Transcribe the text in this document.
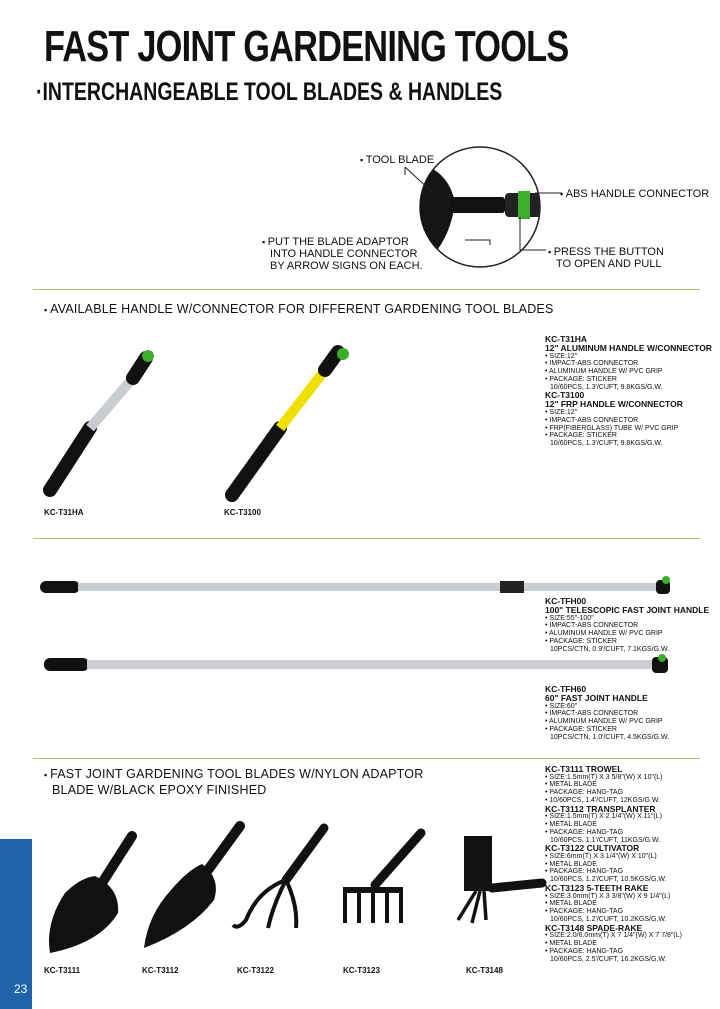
FAST JOINT GARDENING TOOLS
·INTERCHANGEABLE TOOL BLADES & HANDLES
▪ TOOL BLADE
▪ ABS HANDLE CONNECTOR
▪ PUT THE BLADE ADAPTOR
INTO HANDLE CONNECTOR
BY ARROW SIGNS ON EACH.
▪ PRESS THE BUTTON
TO OPEN AND PULL
▪ AVAILABLE HANDLE W/CONNECTOR FOR DIFFERENT GARDENING TOOL BLADES
KC-T31HA	KC-T3100
KC-T31HA
12" ALUMINUM HANDLE W/CONNECTOR
• SIZE:12"
• IMPACT-ABS CONNECTOR
• ALUMINUM HANDLE W/ PVC GRIP
• PACKAGE: STICKER
10/60PCS, 1.3'/CUFT, 9.8KGS/G.W.
KC-T3100
12" FRP HANDLE W/CONNECTOR
• SIZE:12"
• IMPACT-ABS CONNECTOR
• FRP(FIBERGLASS) TUBE W/ PVC GRIP
• PACKAGE: STICKER
10/60PCS, 1.3'/CUFT, 9.8KGS/G.W.
KC-TFH00
100" TELESCOPIC FAST JOINT HANDLE
• SIZE:55"-100"
• IMPACT-ABS CONNECTOR
• ALUMINUM HANDLE W/ PVC GRIP
• PACKAGE: STICKER
10PCS/CTN, 0.9'/CUFT, 7.1KGS/G.W.
KC-TFH60
60" FAST JOINT HANDLE
• SIZE:60"
• IMPACT-ABS CONNECTOR
• ALUMINUM HANDLE W/ PVC GRIP
• PACKAGE: STICKER
10PCS/CTN, 1.0'/CUFT, 4.5KGS/G.W.
▪ FAST JOINT GARDENING TOOL BLADES W/NYLON ADAPTOR
BLADE W/BLACK EPOXY FINISHED
KC-T3111	KC-T3112	KC-T3122	KC-T3123	KC-T3148
KC-T3111 TROWEL
• SIZE:1.5mm(T) X 3 5/8"(W) X 10"(L)
• METAL BLADE
• PACKAGE: HANG-TAG
• 10/60PCS, 1.4'/CUFT, 12KGS/G.W.
KC-T3112 TRANSPLANTER
• SIZE:1.5mm(T) X 2 1/4"(W) X 11"(L)
• METAL BLADE
• PACKAGE: HANG-TAG
10/60PCS, 1.1'/CUFT, 11KGS/G.W.
KC-T3122 CULTIVATOR
• SIZE:6mm(T) X 3 1/4"(W) X 10"(L)
• METAL BLADE
• PACKAGE: HANG-TAG
10/60PCS, 1.2'/CUFT, 10.5KGS/G.W.
KC-T3123 5-TEETH RAKE
• SIZE:3.0mm(T) X 3 3/8"(W) X 9 1/4"(L)
• METAL BLADE
• PACKAGE: HANG-TAG
10/60PCS, 1.2'/CUFT, 10.2KGS/G.W.
KC-T3148 SPADE-RAKE
• SIZE:2.0/6.0mm(T) X 7 1/4"(W) X 7 7/8"(L)
• METAL BLADE
• PACKAGE: HANG-TAG
10/60PCS, 2.5'/CUFT, 16.2KGS/G.W.
23
